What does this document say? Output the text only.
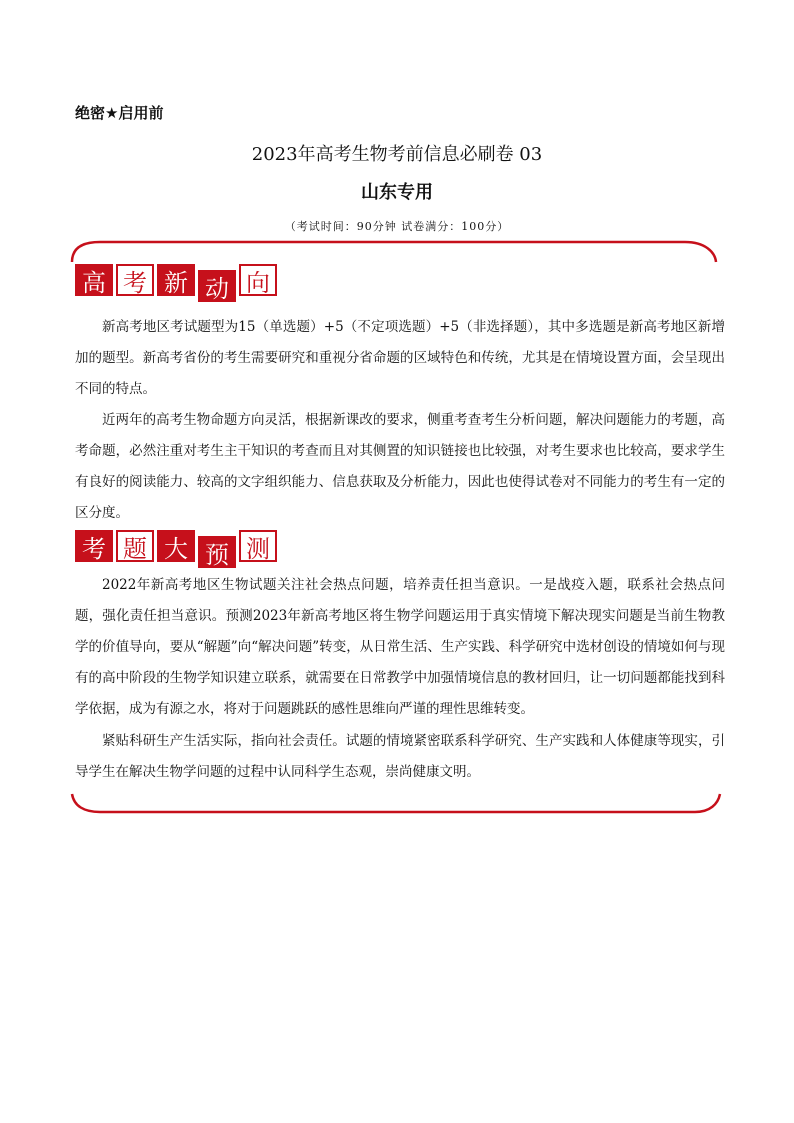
绝密★启用前
2023年高考生物考前信息必刷卷 03
山东专用
（考试时间：90分钟 试卷满分：100分）
高 考 新 动 向

新高考地区考试题型为15（单选题）+5（不定项选题）+5（非选择题），其中多选题是新高考地区新增加的题型。新高考省份的考生需要研究和重视分省命题的区域特色和传统，尤其是在情境设置方面，会呈现出不同的特点。

近两年的高考生物命题方向灵活，根据新课改的要求，侧重考查考生分析问题，解决问题能力的考题，高考命题，必然注重对考生主干知识的考查而且对其侧置的知识链接也比较强，对考生要求也比较高，要求学生有良好的阅读能力、较高的文字组织能力、信息获取及分析能力，因此也使得试卷对不同能力的考生有一定的区分度。

考 题 大 预 测

2022年新高考地区生物试题关注社会热点问题，培养责任担当意识。一是战疫入题，联系社会热点问题，强化责任担当意识。预测2023年新高考地区将生物学问题运用于真实情境下解决现实问题是当前生物教学的价值导向，要从“解题”向“解决问题”转变，从日常生活、生产实践、科学研究中选材创设的情境如何与现有的高中阶段的生物学知识建立联系，就需要在日常教学中加强情境信息的教材回归，让一切问题都能找到科学依据，成为有源之水，将对于问题跳跃的感性思维向严谨的理性思维转变。

紧贴科研生产生活实际，指向社会责任。试题的情境紧密联系科学研究、生产实践和人体健康等现实，引导学生在解决生物学问题的过程中认同科学生态观，崇尚健康文明。
